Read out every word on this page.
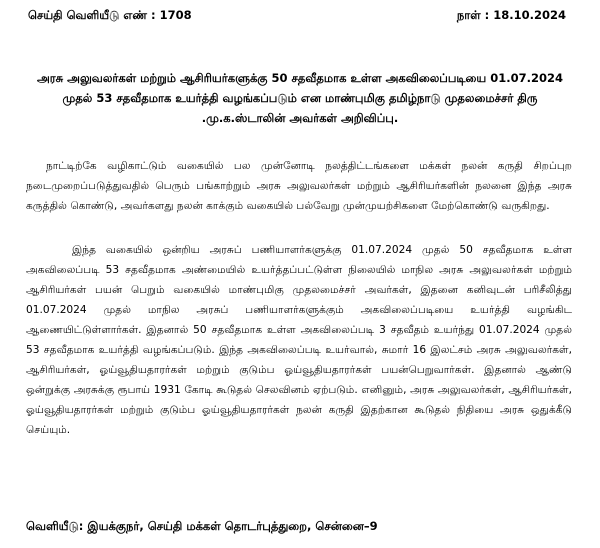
செய்தி வெளியீடு எண் : 1708	நாள் : 18.10.2024
அரசு அலுவலர்கள் மற்றும் ஆசிரியர்களுக்கு 50 சதவீதமாக உள்ள அகவிலைப்படியை 01.07.2024 முதல் 53 சதவீதமாக உயர்த்தி வழங்கப்படும் என மாண்புமிகு தமிழ்நாடு முதலமைச்சர் திரு .மு.க.ஸ்டாலின் அவர்கள் அறிவிப்பு.
நாட்டிற்கே வழிகாட்டும் வகையில் பல முன்னோடி நலத்திட்டங்களை மக்கள் நலன் கருதி சிறப்புற நடைமுறைப்படுத்துவதில் பெரும் பங்காற்றும் அரசு அலுவலர்கள் மற்றும் ஆசிரியர்களின் நலனை இந்த அரசு கருத்தில் கொண்டு, அவர்களது நலன் காக்கும் வகையில் பல்வேறு முன்முயற்சிகளை மேற்கொண்டு வருகிறது.
இந்த வகையில் ஒன்றிய அரசுப் பணியாளர்களுக்கு 01.07.2024 முதல் 50 சதவீதமாக உள்ள அகவிலைப்படி 53 சதவீதமாக அண்மையில் உயர்த்தப்பட்டுள்ள நிலையில் மாநில அரசு அலுவலர்கள் மற்றும் ஆசிரியர்கள் பயன் பெறும் வகையில் மாண்புமிகு முதலமைச்சர் அவர்கள், இதனை கனிவுடன் பரிசீலித்து 01.07.2024 முதல் மாநில அரசுப் பணியாளர்களுக்கும் அகவிலைப்படியை உயர்த்தி வழங்கிட ஆணையிட்டுள்ளார்கள். இதனால் 50 சதவீதமாக உள்ள அகவிலைப்படி 3 சதவீதம் உயர்ந்து 01.07.2024 முதல் 53 சதவீதமாக உயர்த்தி வழங்கப்படும். இந்த அகவிலைப்படி உயர்வால், சுமார் 16 இலட்சம் அரசு அலுவலர்கள், ஆசிரியர்கள், ஓய்வூதியதாரர்கள் மற்றும் குடும்ப ஓய்வூதியதாரர்கள் பயன்பெறுவார்கள். இதனால் ஆண்டு ஒன்றுக்கு அரசுக்கு ரூபாய் 1931 கோடி கூடுதல் செலவினம் ஏற்படும். எனினும், அரசு அலுவலர்கள், ஆசிரியர்கள், ஓய்வூதியதாரர்கள் மற்றும் குடும்ப ஓய்வூதியதாரர்கள் நலன் கருதி இதற்கான கூடுதல் நிதியை அரசு ஒதுக்கீடு செய்யும்.
வெளியீடு: இயக்குநர், செய்தி மக்கள் தொடர்புத்துறை, சென்னை–9
